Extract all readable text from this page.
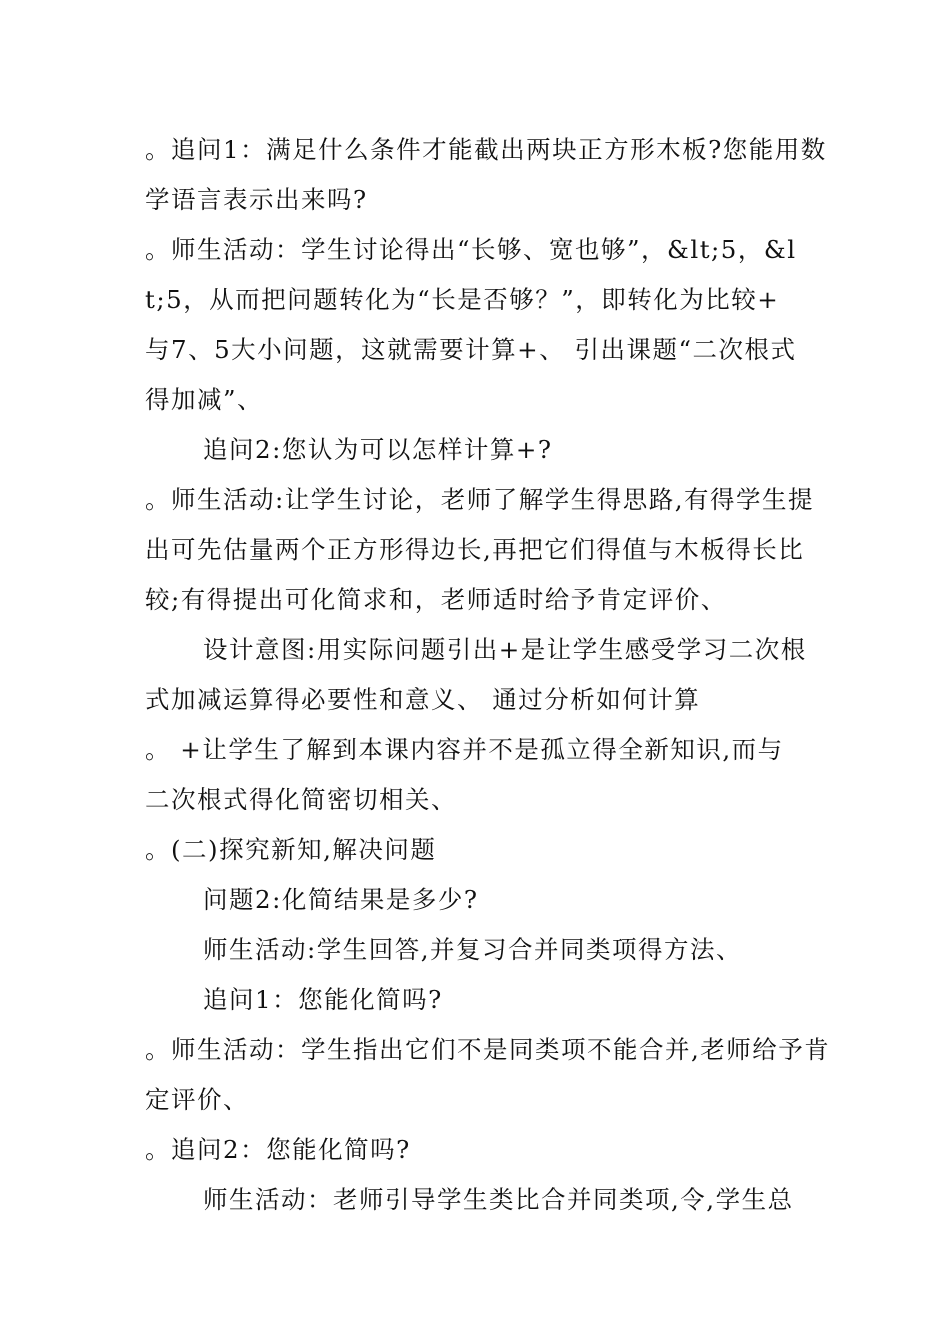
。追问1：满足什么条件才能截出两块正方形木板?您能用数
学语言表示出来吗?
。师生活动：学生讨论得出“长够、宽也够”，&lt;5，&l
t;5，从而把问题转化为“长是否够？”，即转化为比较+
与7、5大小问题，这就需要计算+、 引出课题“二次根式
得加减”、
追问2:您认为可以怎样计算+?
。师生活动:让学生讨论，老师了解学生得思路,有得学生提
出可先估量两个正方形得边长,再把它们得值与木板得长比
较;有得提出可化简求和，老师适时给予肯定评价、
设计意图:用实际问题引出+是让学生感受学习二次根
式加减运算得必要性和意义、 通过分析如何计算
。 +让学生了解到本课内容并不是孤立得全新知识,而与
二次根式得化简密切相关、
。(二)探究新知,解决问题
问题2:化简结果是多少?
师生活动:学生回答,并复习合并同类项得方法、
追问1：您能化简吗?
。师生活动：学生指出它们不是同类项不能合并,老师给予肯
定评价、
。追问2：您能化简吗?
师生活动：老师引导学生类比合并同类项,令,学生总
